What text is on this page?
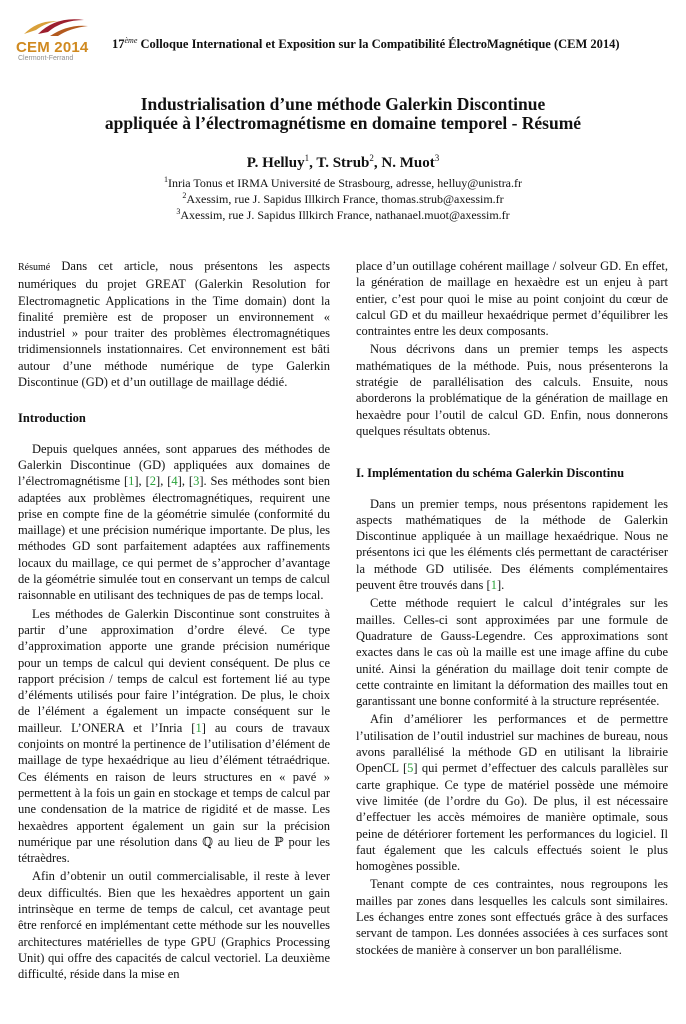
CEM 2014
Clermont-Ferrand
17ème Colloque International et Exposition sur la Compatibilité ÉlectroMagnétique (CEM 2014)
Industrialisation d’une méthode Galerkin Discontinue
appliquée à l’électromagnétisme en domaine temporel - Résumé
P. Helluy$^1$, T. Strub$^2$, N. Muot$^3$
$^1$Inria Tonus et IRMA Université de Strasbourg, adresse, helluy@unistra.fr
$^2$Axessim, rue J. Sapidus Illkirch France, thomas.strub@axessim.fr
$^3$Axessim, rue J. Sapidus Illkirch France, nathanael.muot@axessim.fr

Résumé Dans cet article, nous présentons les aspects numériques du projet GREAT (Galerkin Resolution for Electromagnetic Applications in the Time domain) dont la finalité première est de proposer un environnement « industriel » pour traiter des problèmes électromagnétiques tridimensionnels instationnaires. Cet environnement est bâti autour d’une méthode numérique de type Galerkin Discontinue (GD) et d’un outillage de maillage dédié.

Introduction

Depuis quelques années, sont apparues des méthodes de Galerkin Discontinue (GD) appliquées aux domaines de l’électromagnétisme [1], [2], [4], [3]. Ses méthodes sont bien adaptées aux problèmes électromagnétiques, requirent une prise en compte fine de la géométrie simulée (conformité du maillage) et une précision numérique importante. De plus, les méthodes GD sont parfaitement adaptées aux raffinements locaux du maillage, ce qui permet de s’approcher d’avantage de la géométrie simulée tout en conservant un temps de calcul raisonnable en utilisant des techniques de pas de temps local.

Les méthodes de Galerkin Discontinue sont construites à partir d’une approximation d’ordre élevé. Ce type d’approximation apporte une grande précision numérique pour un temps de calcul qui devient conséquent. De plus ce rapport précision / temps de calcul est fortement lié au type d’éléments utilisés pour faire l’intégration. De plus, le choix de l’élément a également un impacte conséquent sur le mailleur. L’ONERA et l’Inria [1] au cours de travaux conjoints on montré la pertinence de l’utilisation d’élément de maillage de type hexaédrique au lieu d’élément tétraédrique. Ces éléments en raison de leurs structures en « pavé » permettent à la fois un gain en stockage et temps de calcul par une condensation de la matrice de rigidité et de masse. Les hexaèdres apportent également un gain sur la précision numérique par une résolution dans ℚ au lieu de ℙ pour les tétraèdres.

Afin d’obtenir un outil commercialisable, il reste à lever deux difficultés. Bien que les hexaèdres apportent un gain intrinsèque en terme de temps de calcul, cet avantage peut être renforcé en implémentant cette méthode sur les nouvelles architectures matérielles de type GPU (Graphics Processing Unit) qui offre des capacités de calcul vectoriel. La deuxième difficulté, réside dans la mise en

place d’un outillage cohérent maillage / solveur GD. En effet, la génération de maillage en hexaèdre est un enjeu à part entier, c’est pour quoi le mise au point conjoint du cœur de calcul GD et du mailleur hexaédrique permet d’équilibrer les contraintes entre les deux composants.

Nous décrivons dans un premier temps les aspects mathématiques de la méthode. Puis, nous présenterons la stratégie de parallélisation des calculs. Ensuite, nous aborderons la problématique de la génération de maillage en hexaèdre pour l’outil de calcul GD. Enfin, nous donnerons quelques résultats obtenus.

I. Implémentation du schéma Galerkin Discontinu

Dans un premier temps, nous présentons rapidement les aspects mathématiques de la méthode de Galerkin Discontinue appliquée à un maillage hexaédrique. Nous ne présentons ici que les éléments clés permettant de caractériser la méthode GD utilisée. Des éléments complémentaires peuvent être trouvés dans [1].

Cette méthode requiert le calcul d’intégrales sur les mailles. Celles-ci sont approximées par une formule de Quadrature de Gauss-Legendre. Ces approximations sont exactes dans le cas où la maille est une image affine du cube unité. Ainsi la génération du maillage doit tenir compte de cette contrainte en limitant la déformation des mailles tout en garantissant une bonne conformité à la structure représentée.

Afin d’améliorer les performances et de permettre l’utilisation de l’outil industriel sur machines de bureau, nous avons parallélisé la méthode GD en utilisant la librairie OpenCL [5] qui permet d’effectuer des calculs parallèles sur carte graphique. Ce type de matériel possède une mémoire vive limitée (de l’ordre du Go). De plus, il est nécessaire d’effectuer les accès mémoires de manière optimale, sous peine de détériorer fortement les performances du logiciel. Il faut également que les calculs effectués soient le plus homogènes possible.

Tenant compte de ces contraintes, nous regroupons les mailles par zones dans lesquelles les calculs sont similaires. Les échanges entre zones sont effectués grâce à des surfaces servant de tampon. Les données associées à ces surfaces sont stockées de manière à conserver un bon parallélisme.
